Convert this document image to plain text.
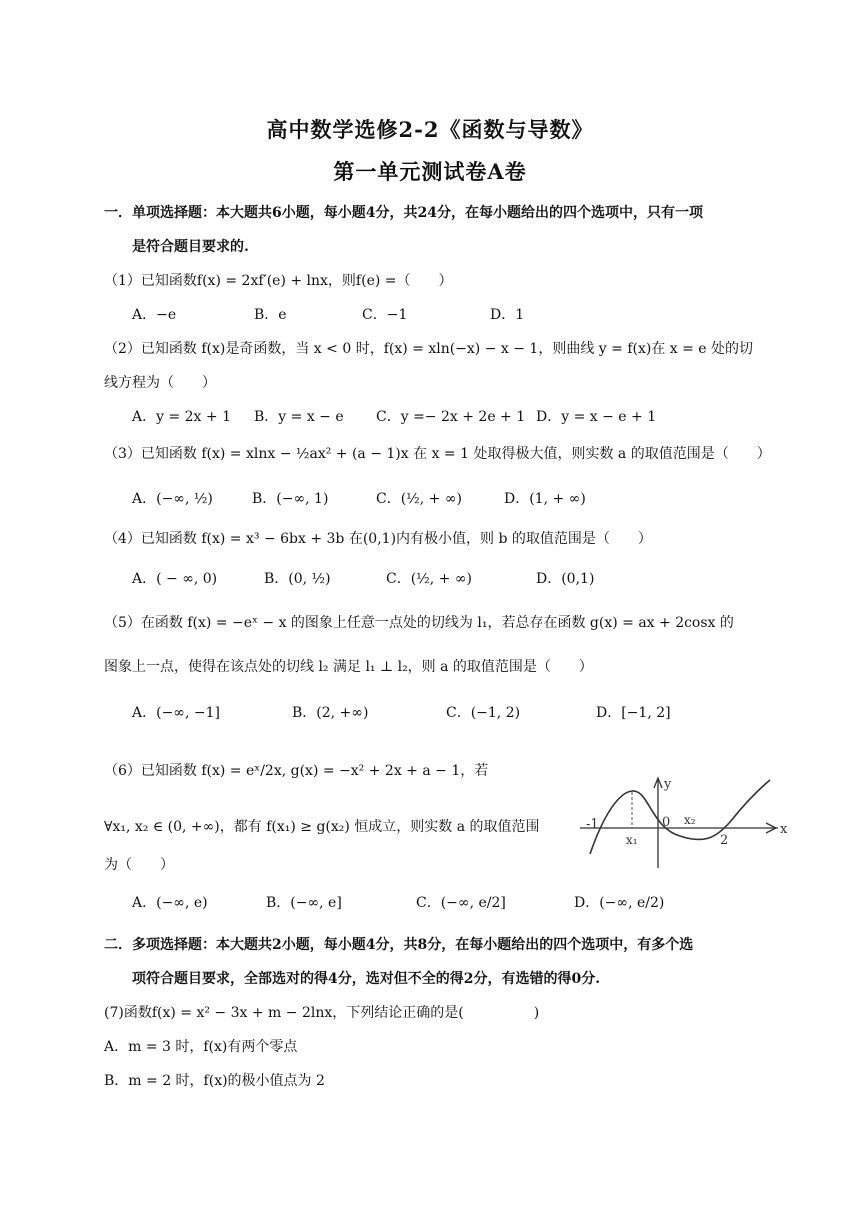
高中数学选修2-2《函数与导数》
第一单元测试卷A卷
一．单项选择题：本大题共6小题，每小题4分，共24分，在每小题给出的四个选项中，只有一项
是符合题目要求的.
（1）已知函数f(x) = 2xf′(e) + lnx，则f(e) =（　　）
A．−e	B．e	C．−1	D．1
（2）已知函数 f(x)是奇函数，当 x < 0 时，f(x) = xln(−x) − x − 1，则曲线 y = f(x)在 x = e 处的切
线方程为（　　）
A．y = 2x + 1 B．y = x − e C．y =− 2x + 2e + 1 D．y = x − e + 1
（3）已知函数 f(x) = xlnx − ½ax² + (a − 1)x 在 x = 1 处取得极大值，则实数 a 的取值范围是（　　）
A．(−∞, ½)	B．(−∞, 1)	C．(½, + ∞)	D．(1, + ∞)
（4）已知函数 f(x) = x³ − 6bx + 3b 在(0,1)内有极小值，则 b 的取值范围是（　　）
A．( − ∞, 0)	B．(0, ½)	C．(½, + ∞)	D．(0,1)
（5）在函数 f(x) = −eˣ − x 的图象上任意一点处的切线为 l₁，若总存在函数 g(x) = ax + 2cosx 的
图象上一点，使得在该点处的切线 l₂ 满足 l₁ ⊥ l₂，则 a 的取值范围是（　　）
A．(−∞, −1]	B．(2, +∞)	C．(−1, 2)	D．[−1, 2]
（6）已知函数 f(x) = eˣ/2x, g(x) = −x² + 2x + a − 1，若
∀x₁, x₂ ∈ (0, +∞)，都有 f(x₁) ≥ g(x₂) 恒成立，则实数 a 的取值范围
为（　　）
y
x
-1	0
x₁
x₂
2
A．(−∞, e)	B．(−∞, e]	C．(−∞, e/2]	D．(−∞, e/2)
二．多项选择题：本大题共2小题，每小题4分，共8分，在每小题给出的四个选项中，有多个选
项符合题目要求，全部选对的得4分，选对但不全的得2分，有选错的得0分.
(7)函数f(x) = x² − 3x + m − 2lnx，下列结论正确的是(　　　　　)
A．m = 3 时，f(x)有两个零点
B．m = 2 时，f(x)的极小值点为 2
